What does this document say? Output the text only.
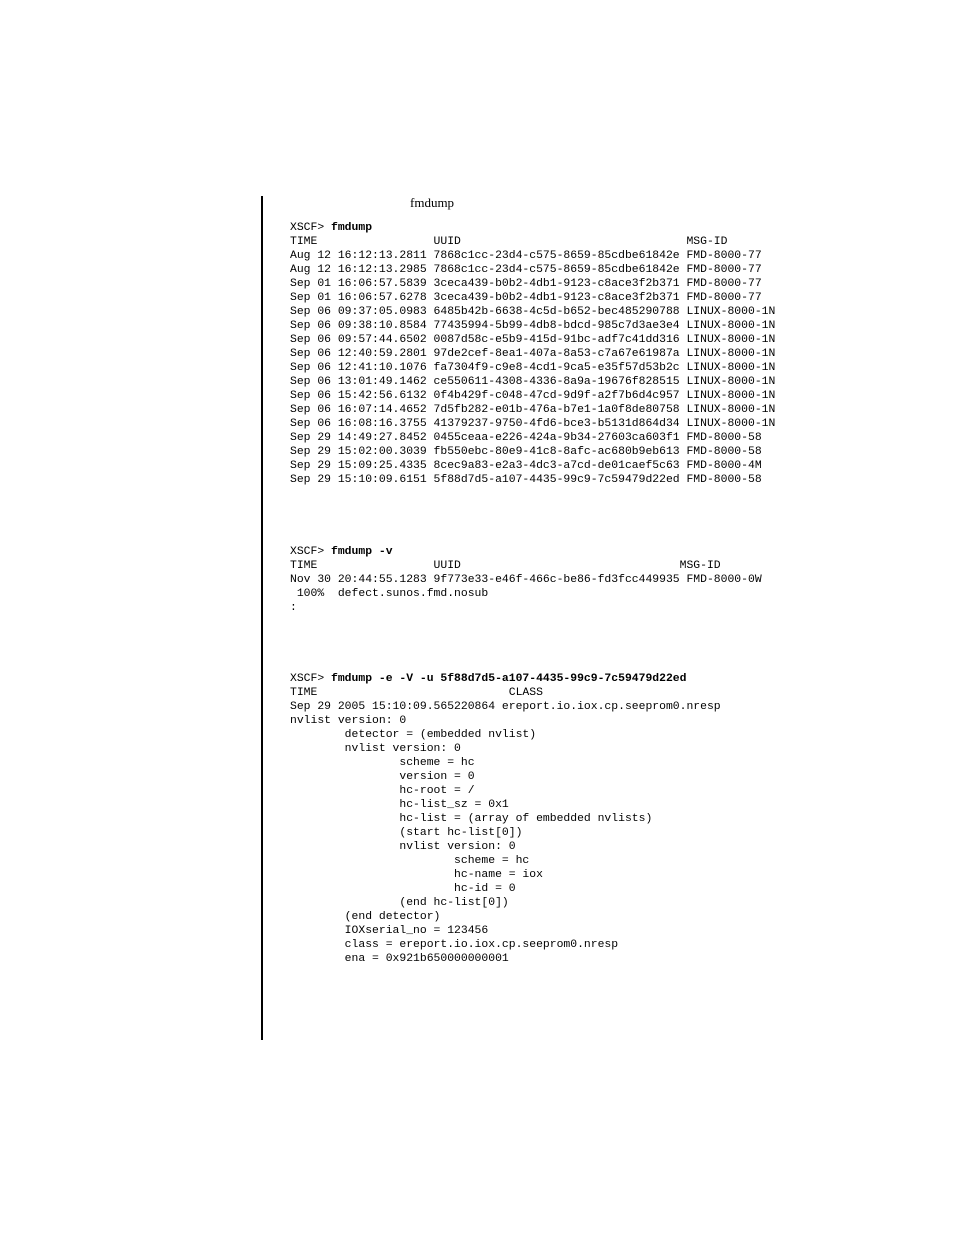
fmdump
XSCF> fmdump
TIME                 UUID                                 MSG-ID
Aug 12 16:12:13.2811 7868c1cc-23d4-c575-8659-85cdbe61842e FMD-8000-77
Aug 12 16:12:13.2985 7868c1cc-23d4-c575-8659-85cdbe61842e FMD-8000-77
Sep 01 16:06:57.5839 3ceca439-b0b2-4db1-9123-c8ace3f2b371 FMD-8000-77
Sep 01 16:06:57.6278 3ceca439-b0b2-4db1-9123-c8ace3f2b371 FMD-8000-77
Sep 06 09:37:05.0983 6485b42b-6638-4c5d-b652-bec485290788 LINUX-8000-1N
Sep 06 09:38:10.8584 77435994-5b99-4db8-bdcd-985c7d3ae3e4 LINUX-8000-1N
Sep 06 09:57:44.6502 0087d58c-e5b9-415d-91bc-adf7c41dd316 LINUX-8000-1N
Sep 06 12:40:59.2801 97de2cef-8ea1-407a-8a53-c7a67e61987a LINUX-8000-1N
Sep 06 12:41:10.1076 fa7304f9-c9e8-4cd1-9ca5-e35f57d53b2c LINUX-8000-1N
Sep 06 13:01:49.1462 ce550611-4308-4336-8a9a-19676f828515 LINUX-8000-1N
Sep 06 15:42:56.6132 0f4b429f-c048-47cd-9d9f-a2f7b6d4c957 LINUX-8000-1N
Sep 06 16:07:14.4652 7d5fb282-e01b-476a-b7e1-1a0f8de80758 LINUX-8000-1N
Sep 06 16:08:16.3755 41379237-9750-4fd6-bce3-b5131d864d34 LINUX-8000-1N
Sep 29 14:49:27.8452 0455ceaa-e226-424a-9b34-27603ca603f1 FMD-8000-58
Sep 29 15:02:00.3039 fb550ebc-80e9-41c8-8afc-ac680b9eb613 FMD-8000-58
Sep 29 15:09:25.4335 8cec9a83-e2a3-4dc3-a7cd-de01caef5c63 FMD-8000-4M
Sep 29 15:10:09.6151 5f88d7d5-a107-4435-99c9-7c59479d22ed FMD-8000-58
XSCF> fmdump -v
TIME                 UUID                                MSG-ID
Nov 30 20:44:55.1283 9f773e33-e46f-466c-be86-fd3fcc449935 FMD-8000-0W
100%  defect.sunos.fmd.nosub
:
XSCF> fmdump -e -V -u 5f88d7d5-a107-4435-99c9-7c59479d22ed
TIME                            CLASS
Sep 29 2005 15:10:09.565220864 ereport.io.iox.cp.seeprom0.nresp
nvlist version: 0
detector = (embedded nvlist)
nvlist version: 0
scheme = hc
version = 0
hc-root = /
hc-list_sz = 0x1
hc-list = (array of embedded nvlists)
(start hc-list[0])
nvlist version: 0
scheme = hc
hc-name = iox
hc-id = 0
(end hc-list[0])
(end detector)
IOXserial_no = 123456
class = ereport.io.iox.cp.seeprom0.nresp
ena = 0x921b650000000001
